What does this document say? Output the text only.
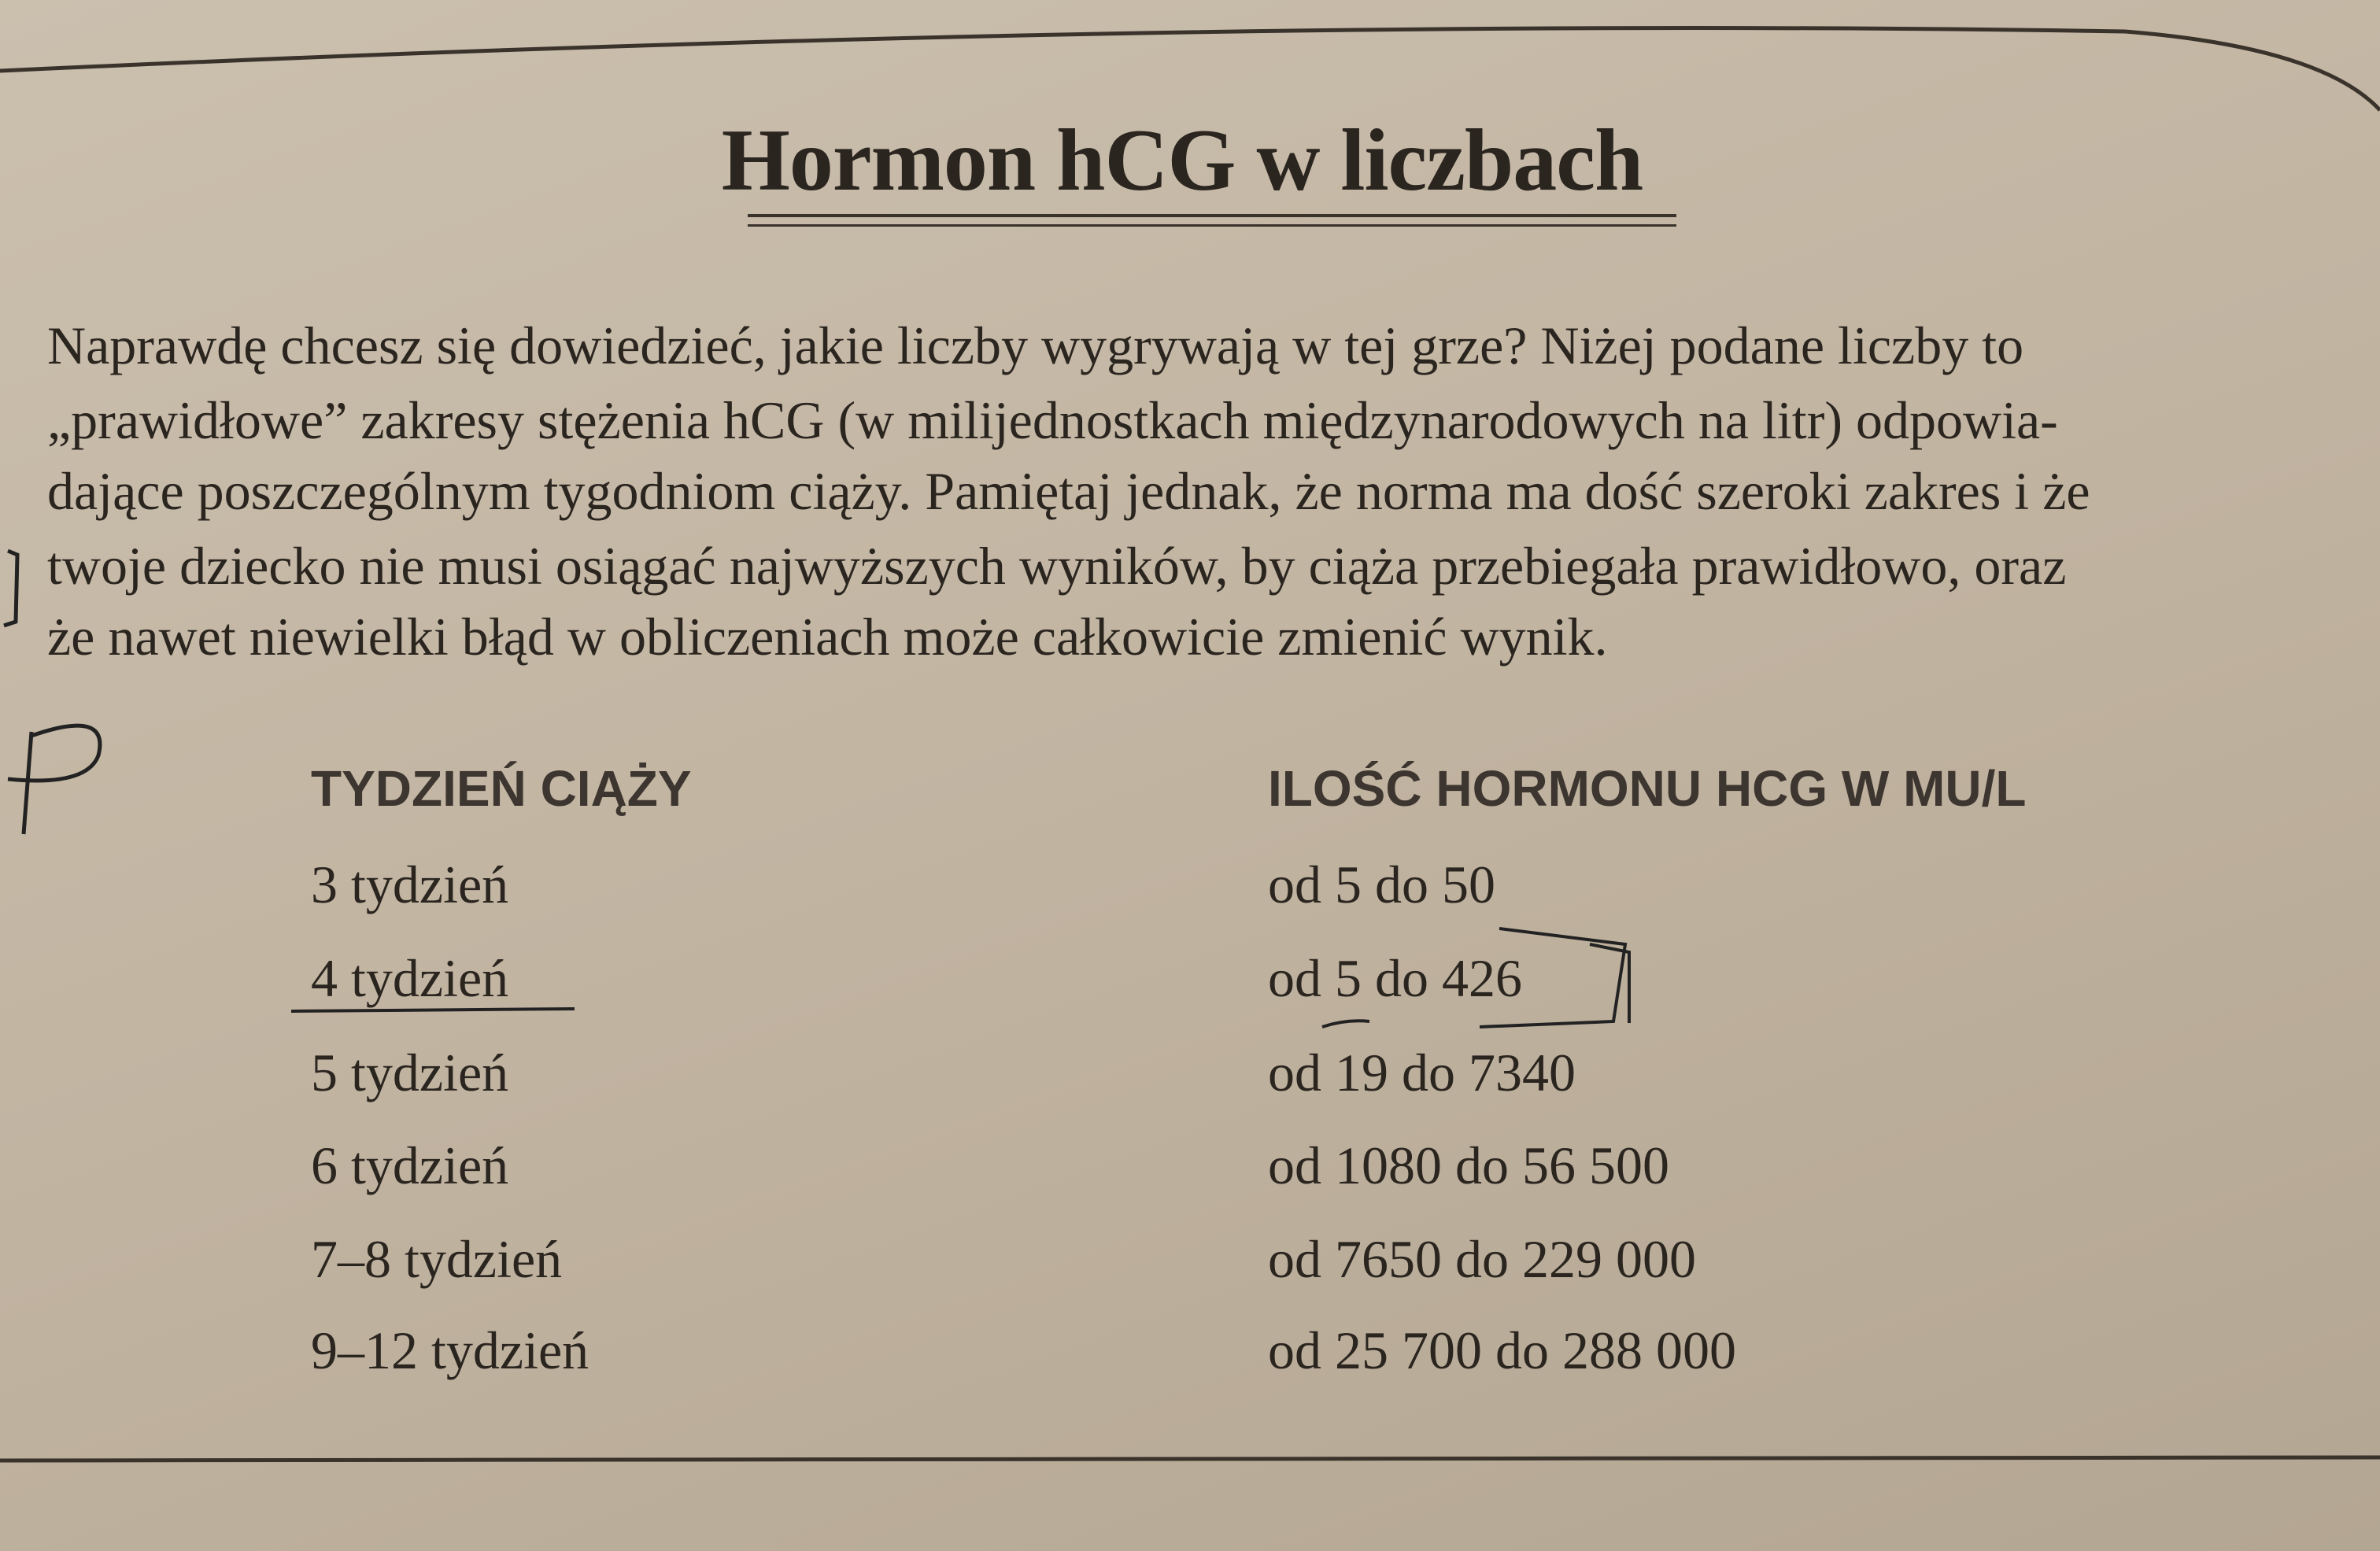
Hormon hCG w liczbach
Naprawdę chcesz się dowiedzieć, jakie liczby wygrywają w tej grze? Niżej podane liczby to
„prawidłowe” zakresy stężenia hCG (w milijednostkach międzynarodowych na litr) odpowia-
dające poszczególnym tygodniom ciąży. Pamiętaj jednak, że norma ma dość szeroki zakres i że
twoje dziecko nie musi osiągać najwyższych wyników, by ciąża przebiegała prawidłowo, oraz
że nawet niewielki błąd w obliczeniach może całkowicie zmienić wynik.
TYDZIEŃ CIĄŻY	ILOŚĆ HORMONU HCG W MU/L
3 tydzień	od 5 do 50
4 tydzień	od 5 do 426
5 tydzień	od 19 do 7340
6 tydzień	od 1080 do 56 500
7–8 tydzień	od 7650 do 229 000
9–12 tydzień	od 25 700 do 288 000
